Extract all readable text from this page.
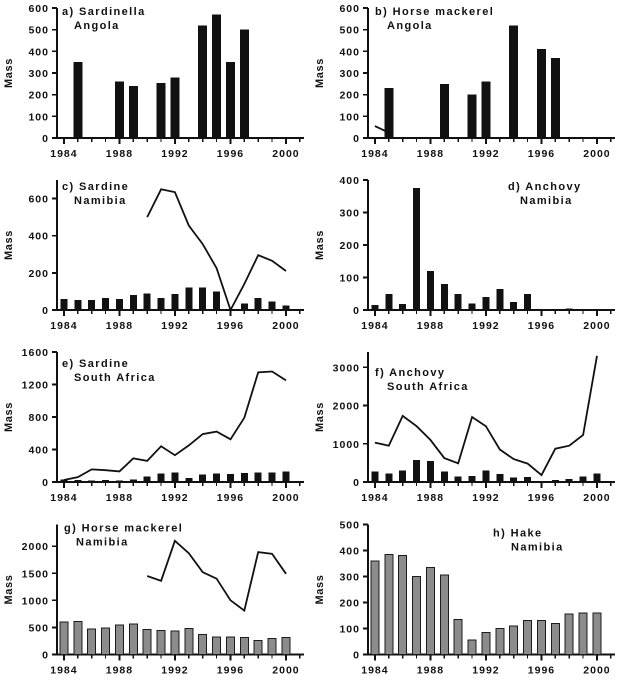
0
100
200
300
400
500
600
1984	1988	1992	1996	2000
a) Sardinella
Angola
Mass
0
100
200
300
400
500
600
1984	1988	1992	1996	2000
b) Horse mackerel
Angola
Mass
0
200
400
600
1984	1988	1992	1996	2000
c) Sardine
Namibia
Mass
0
100
200
300
400
1984	1988	1992	1996	2000
d) Anchovy
Namibia
Mass
0
400
800
1200
1600
1984	1988	1992	1996	2000
e) Sardine
South Africa
Mass
0
1000
2000
3000
1984	1988	1992	1996	2000
f) Anchovy
South Africa
Mass
0
500
1000
1500
2000
1984	1988	1992	1996	2000
g) Horse mackerel
Namibia
Mass
0
100
200
300
400
500
1984	1988	1992	1996	2000
h) Hake
Namibia
Mass
